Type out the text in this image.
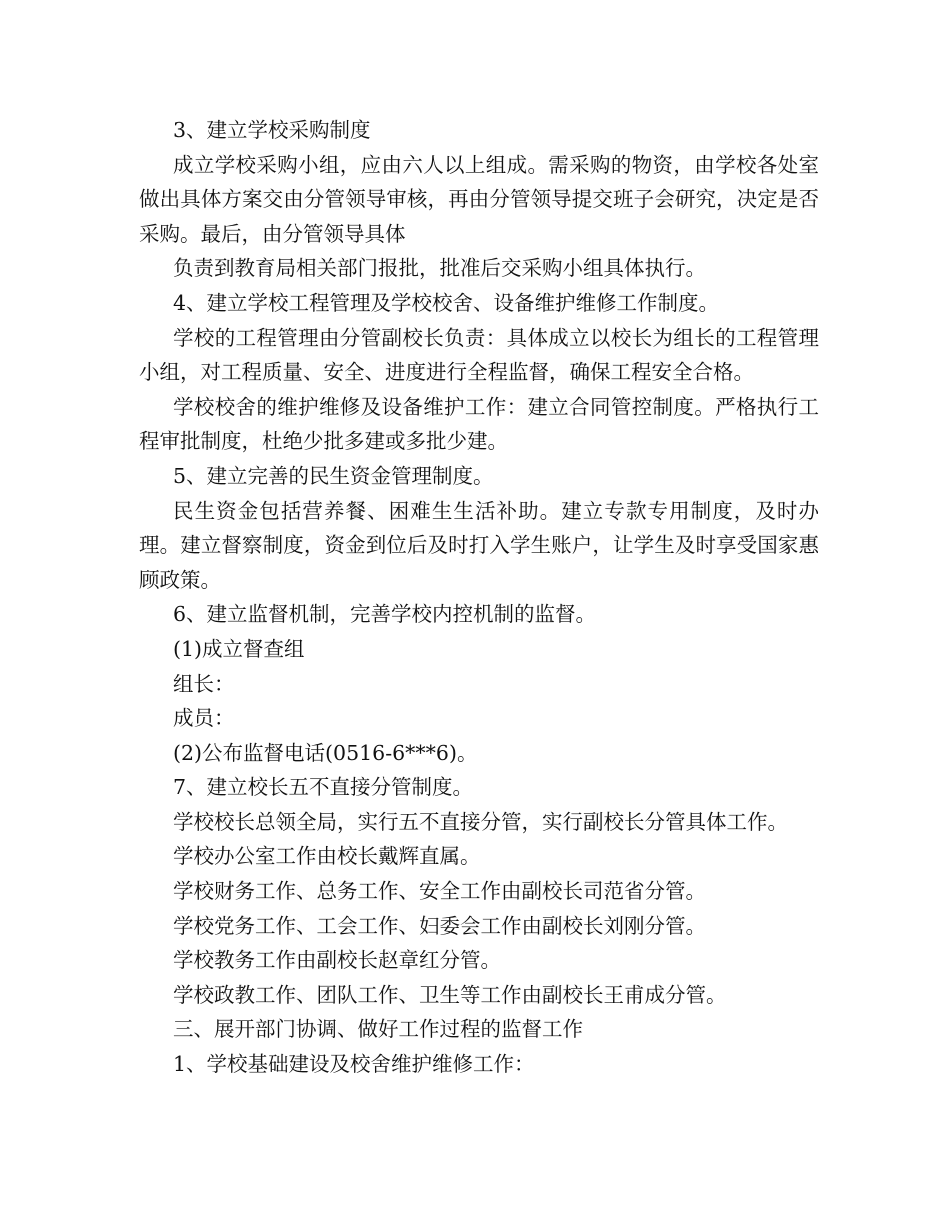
3、建立学校采购制度

成立学校采购小组，应由六人以上组成。需采购的物资，由学校各处室做出具体方案交由分管领导审核，再由分管领导提交班子会研究，决定是否采购。最后，由分管领导具体

负责到教育局相关部门报批，批准后交采购小组具体执行。

4、建立学校工程管理及学校校舍、设备维护维修工作制度。

学校的工程管理由分管副校长负责：具体成立以校长为组长的工程管理小组，对工程质量、安全、进度进行全程监督，确保工程安全合格。

学校校舍的维护维修及设备维护工作：建立合同管控制度。严格执行工程审批制度，杜绝少批多建或多批少建。

5、建立完善的民生资金管理制度。

民生资金包括营养餐、困难生生活补助。建立专款专用制度，及时办理。建立督察制度，资金到位后及时打入学生账户，让学生及时享受国家惠顾政策。

6、建立监督机制，完善学校内控机制的监督。

(1)成立督查组

组长：

成员：

(2)公布监督电话(0516-6***6)。

7、建立校长五不直接分管制度。

学校校长总领全局，实行五不直接分管，实行副校长分管具体工作。

学校办公室工作由校长戴辉直属。

学校财务工作、总务工作、安全工作由副校长司范省分管。

学校党务工作、工会工作、妇委会工作由副校长刘刚分管。

学校教务工作由副校长赵章红分管。

学校政教工作、团队工作、卫生等工作由副校长王甫成分管。

三、展开部门协调、做好工作过程的监督工作

1、学校基础建设及校舍维护维修工作：
